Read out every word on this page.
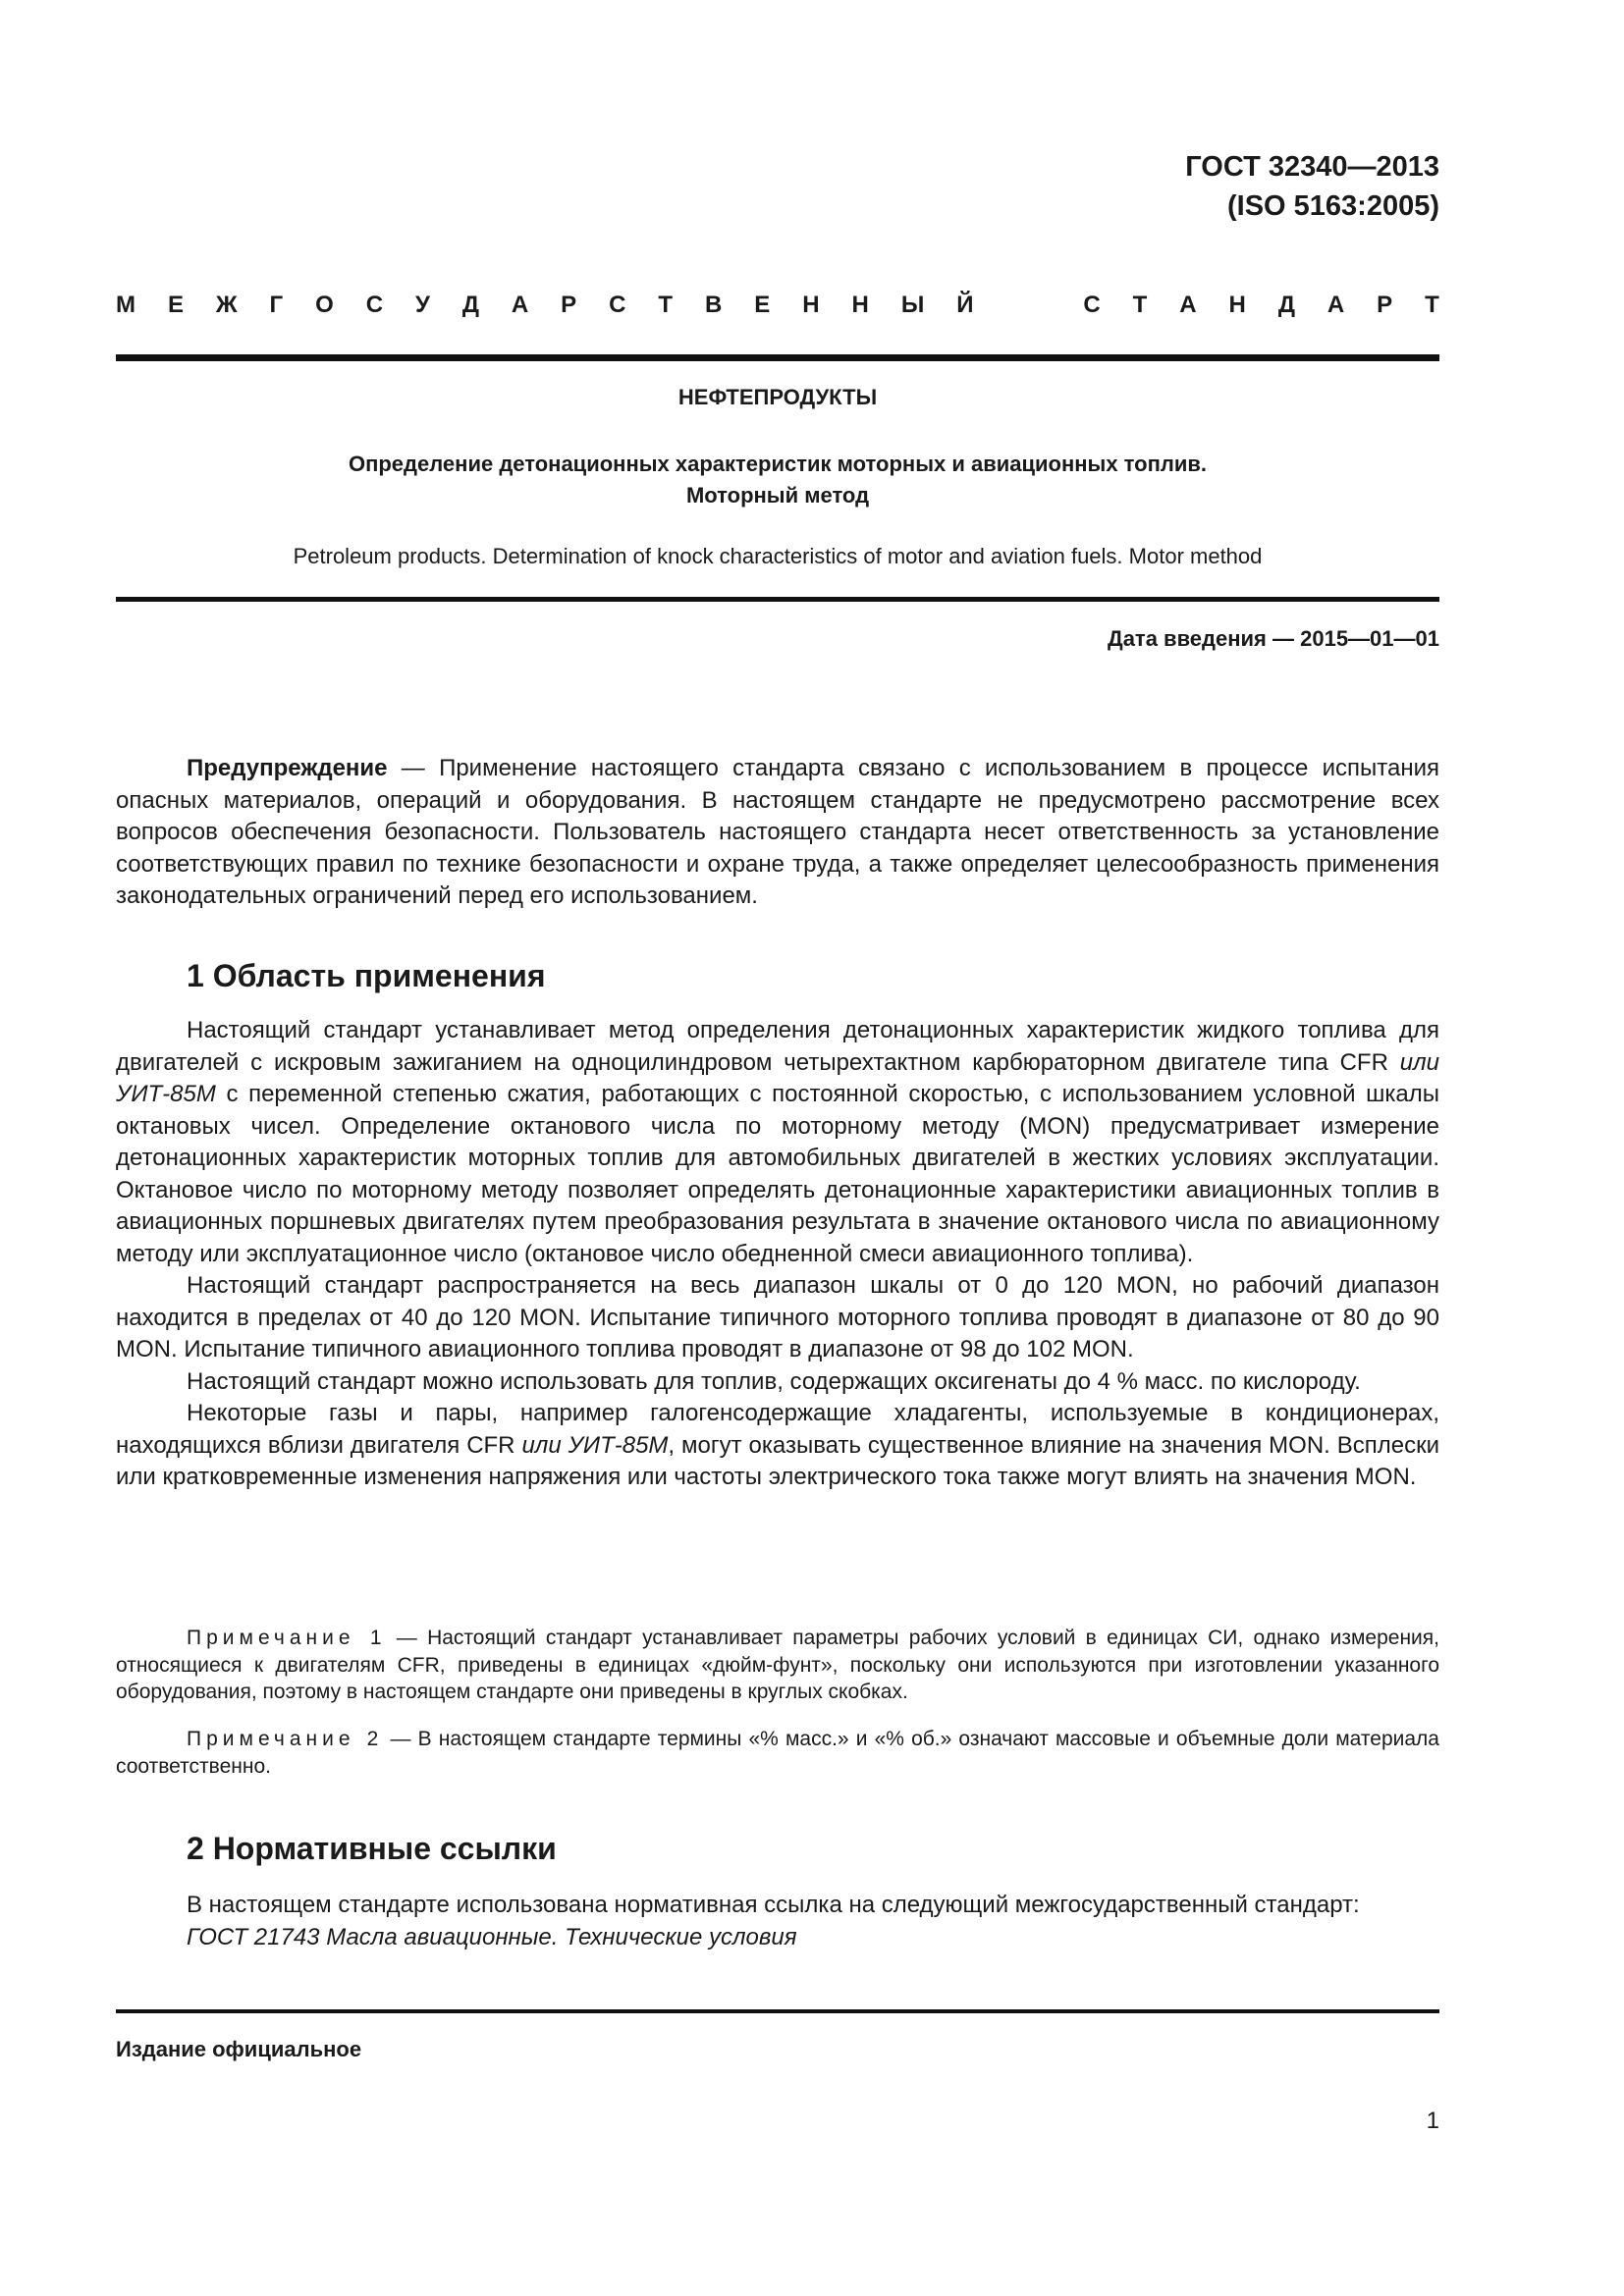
ГОСТ 32340—2013
(ISO 5163:2005)
М Е Ж Г О С У Д А Р С Т В Е Н Н Ы Й	С Т А Н Д А Р Т
НЕФТЕПРОДУКТЫ
Определение детонационных характеристик моторных и авиационных топлив.
Моторный метод
Petroleum products. Determination of knock characteristics of motor and aviation fuels. Motor method
Дата введения — 2015—01—01

Предупреждение — Применение настоящего стандарта связано с использованием в процессе испытания опасных материалов, операций и оборудования. В настоящем стандарте не предусмотрено рассмотрение всех вопросов обеспечения безопасности. Пользователь настоящего стандарта несет ответственность за установление соответствующих правил по технике безопасности и охране труда, а также определяет целесообразность применения законодательных ограничений перед его использованием.

1 Область применения

Настоящий стандарт устанавливает метод определения детонационных характеристик жидкого топлива для двигателей с искровым зажиганием на одноцилиндровом четырехтактном карбюраторном двигателе типа CFR или УИТ-85М с переменной степенью сжатия, работающих с постоянной скоростью, с использованием условной шкалы октановых чисел. Определение октанового числа по моторному методу (MON) предусматривает измерение детонационных характеристик моторных топлив для автомобильных двигателей в жестких условиях эксплуатации. Октановое число по моторному методу позволяет определять детонационные характеристики авиационных топлив в авиационных поршневых двигателях путем преобразования результата в значение октанового числа по авиационному методу или эксплуатационное число (октановое число обедненной смеси авиационного топлива).

Настоящий стандарт распространяется на весь диапазон шкалы от 0 до 120 MON, но рабочий диапазон находится в пределах от 40 до 120 MON. Испытание типичного моторного топлива проводят в диапазоне от 80 до 90 MON. Испытание типичного авиационного топлива проводят в диапазоне от 98 до 102 MON.

Настоящий стандарт можно использовать для топлив, содержащих оксигенаты до 4 % масс. по кислороду.

Некоторые газы и пары, например галогенсодержащие хладагенты, используемые в кондиционерах, находящихся вблизи двигателя CFR или УИТ-85М, могут оказывать существенное влияние на значения MON. Всплески или кратковременные изменения напряжения или частоты электрического тока также могут влиять на значения MON.

Примечание 1 — Настоящий стандарт устанавливает параметры рабочих условий в единицах СИ, однако измерения, относящиеся к двигателям CFR, приведены в единицах «дюйм-фунт», поскольку они используются при изготовлении указанного оборудования, поэтому в настоящем стандарте они приведены в круглых скобках.

Примечание 2 — В настоящем стандарте термины «% масс.» и «% об.» означают массовые и объемные доли материала соответственно.

2 Нормативные ссылки

В настоящем стандарте использована нормативная ссылка на следующий межгосударственный стандарт:

ГОСТ 21743 Масла авиационные. Технические условия

Издание официальное
1
